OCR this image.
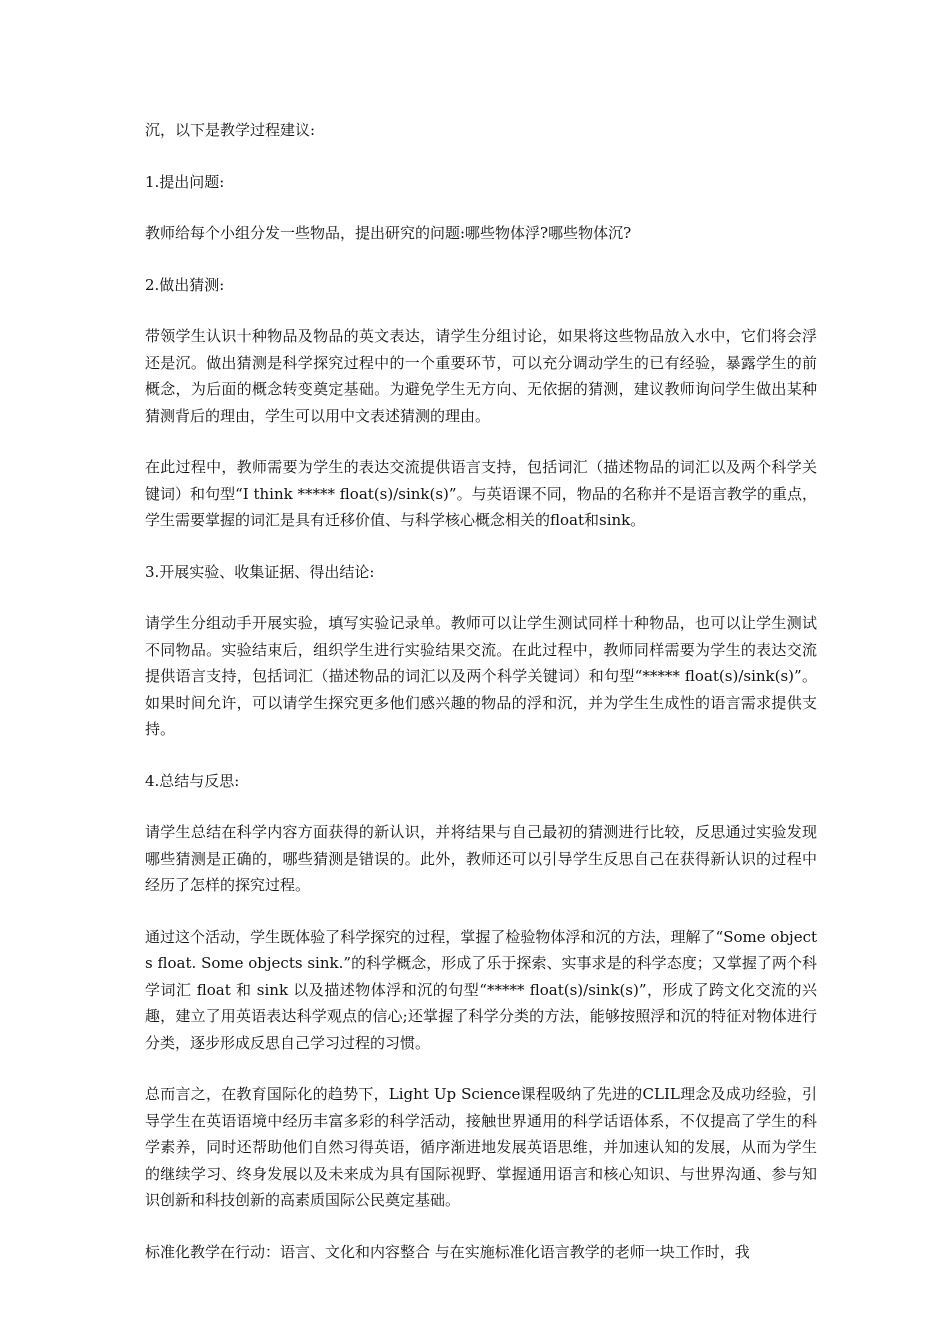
沉，以下是教学过程建议:

1.提出问题:

教师给每个小组分发一些物品，提出研究的问题:哪些物体浮?哪些物体沉?

2.做出猜测:

带领学生认识十种物品及物品的英文表达，请学生分组讨论，如果将这些物品放入水中，它们将会浮还是沉。做出猜测是科学探究过程中的一个重要环节，可以充分调动学生的已有经验，暴露学生的前概念，为后面的概念转变奠定基础。为避免学生无方向、无依据的猜测，建议教师询问学生做出某种猜测背后的理由，学生可以用中文表述猜测的理由。

在此过程中，教师需要为学生的表达交流提供语言支持，包括词汇（描述物品的词汇以及两个科学关键词）和句型“I think ***** float(s)/sink(s)”。与英语课不同，物品的名称并不是语言教学的重点，学生需要掌握的词汇是具有迁移价值、与科学核心概念相关的float和sink。

3.开展实验、收集证据、得出结论:

请学生分组动手开展实验，填写实验记录单。教师可以让学生测试同样十种物品，也可以让学生测试不同物品。实验结束后，组织学生进行实验结果交流。在此过程中，教师同样需要为学生的表达交流提供语言支持，包括词汇（描述物品的词汇以及两个科学关键词）和句型“***** float(s)/sink(s)”。如果时间允许，可以请学生探究更多他们感兴趣的物品的浮和沉，并为学生生成性的语言需求提供支持。

4.总结与反思:

请学生总结在科学内容方面获得的新认识，并将结果与自己最初的猜测进行比较，反思通过实验发现哪些猜测是正确的，哪些猜测是错误的。此外，教师还可以引导学生反思自己在获得新认识的过程中经历了怎样的探究过程。

通过这个活动，学生既体验了科学探究的过程，掌握了检验物体浮和沉的方法，理解了“Some objects float. Some objects sink.”的科学概念，形成了乐于探索、实事求是的科学态度；又掌握了两个科学词汇 float 和 sink 以及描述物体浮和沉的句型“***** float(s)/sink(s)”，形成了跨文化交流的兴趣，建立了用英语表达科学观点的信心;还掌握了科学分类的方法，能够按照浮和沉的特征对物体进行分类，逐步形成反思自己学习过程的习惯。

总而言之，在教育国际化的趋势下，Light Up Science课程吸纳了先进的CLIL理念及成功经验，引导学生在英语语境中经历丰富多彩的科学活动，接触世界通用的科学话语体系，不仅提高了学生的科学素养，同时还帮助他们自然习得英语，循序渐进地发展英语思维，并加速认知的发展，从而为学生的继续学习、终身发展以及未来成为具有国际视野、掌握通用语言和核心知识、与世界沟通、参与知识创新和科技创新的高素质国际公民奠定基础。

标准化教学在行动：语言、文化和内容整合 与在实施标准化语言教学的老师一块工作时，我
